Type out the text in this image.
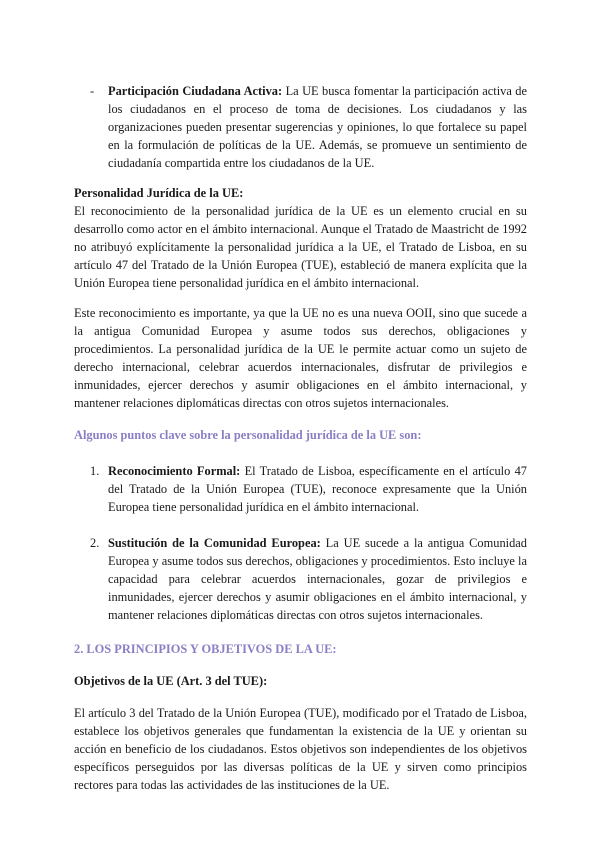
- Participación Ciudadana Activa: La UE busca fomentar la participación activa de los ciudadanos en el proceso de toma de decisiones. Los ciudadanos y las organizaciones pueden presentar sugerencias y opiniones, lo que fortalece su papel en la formulación de políticas de la UE. Además, se promueve un sentimiento de ciudadanía compartida entre los ciudadanos de la UE.

Personalidad Jurídica de la UE:

El reconocimiento de la personalidad jurídica de la UE es un elemento crucial en su desarrollo como actor en el ámbito internacional. Aunque el Tratado de Maastricht de 1992 no atribuyó explícitamente la personalidad jurídica a la UE, el Tratado de Lisboa, en su artículo 47 del Tratado de la Unión Europea (TUE), estableció de manera explícita que la Unión Europea tiene personalidad jurídica en el ámbito internacional.

Este reconocimiento es importante, ya que la UE no es una nueva OOII, sino que sucede a la antigua Comunidad Europea y asume todos sus derechos, obligaciones y procedimientos. La personalidad jurídica de la UE le permite actuar como un sujeto de derecho internacional, celebrar acuerdos internacionales, disfrutar de privilegios e inmunidades, ejercer derechos y asumir obligaciones en el ámbito internacional, y mantener relaciones diplomáticas directas con otros sujetos internacionales.

Algunos puntos clave sobre la personalidad jurídica de la UE son:
1. Reconocimiento Formal: El Tratado de Lisboa, específicamente en el artículo 47 del Tratado de la Unión Europea (TUE), reconoce expresamente que la Unión Europea tiene personalidad jurídica en el ámbito internacional.

2. Sustitución de la Comunidad Europea: La UE sucede a la antigua Comunidad Europea y asume todos sus derechos, obligaciones y procedimientos. Esto incluye la capacidad para celebrar acuerdos internacionales, gozar de privilegios e inmunidades, ejercer derechos y asumir obligaciones en el ámbito internacional, y mantener relaciones diplomáticas directas con otros sujetos internacionales.

2. LOS PRINCIPIOS Y OBJETIVOS DE LA UE:
Objetivos de la UE (Art. 3 del TUE):

El artículo 3 del Tratado de la Unión Europea (TUE), modificado por el Tratado de Lisboa, establece los objetivos generales que fundamentan la existencia de la UE y orientan su acción en beneficio de los ciudadanos. Estos objetivos son independientes de los objetivos específicos perseguidos por las diversas políticas de la UE y sirven como principios rectores para todas las actividades de las instituciones de la UE.
